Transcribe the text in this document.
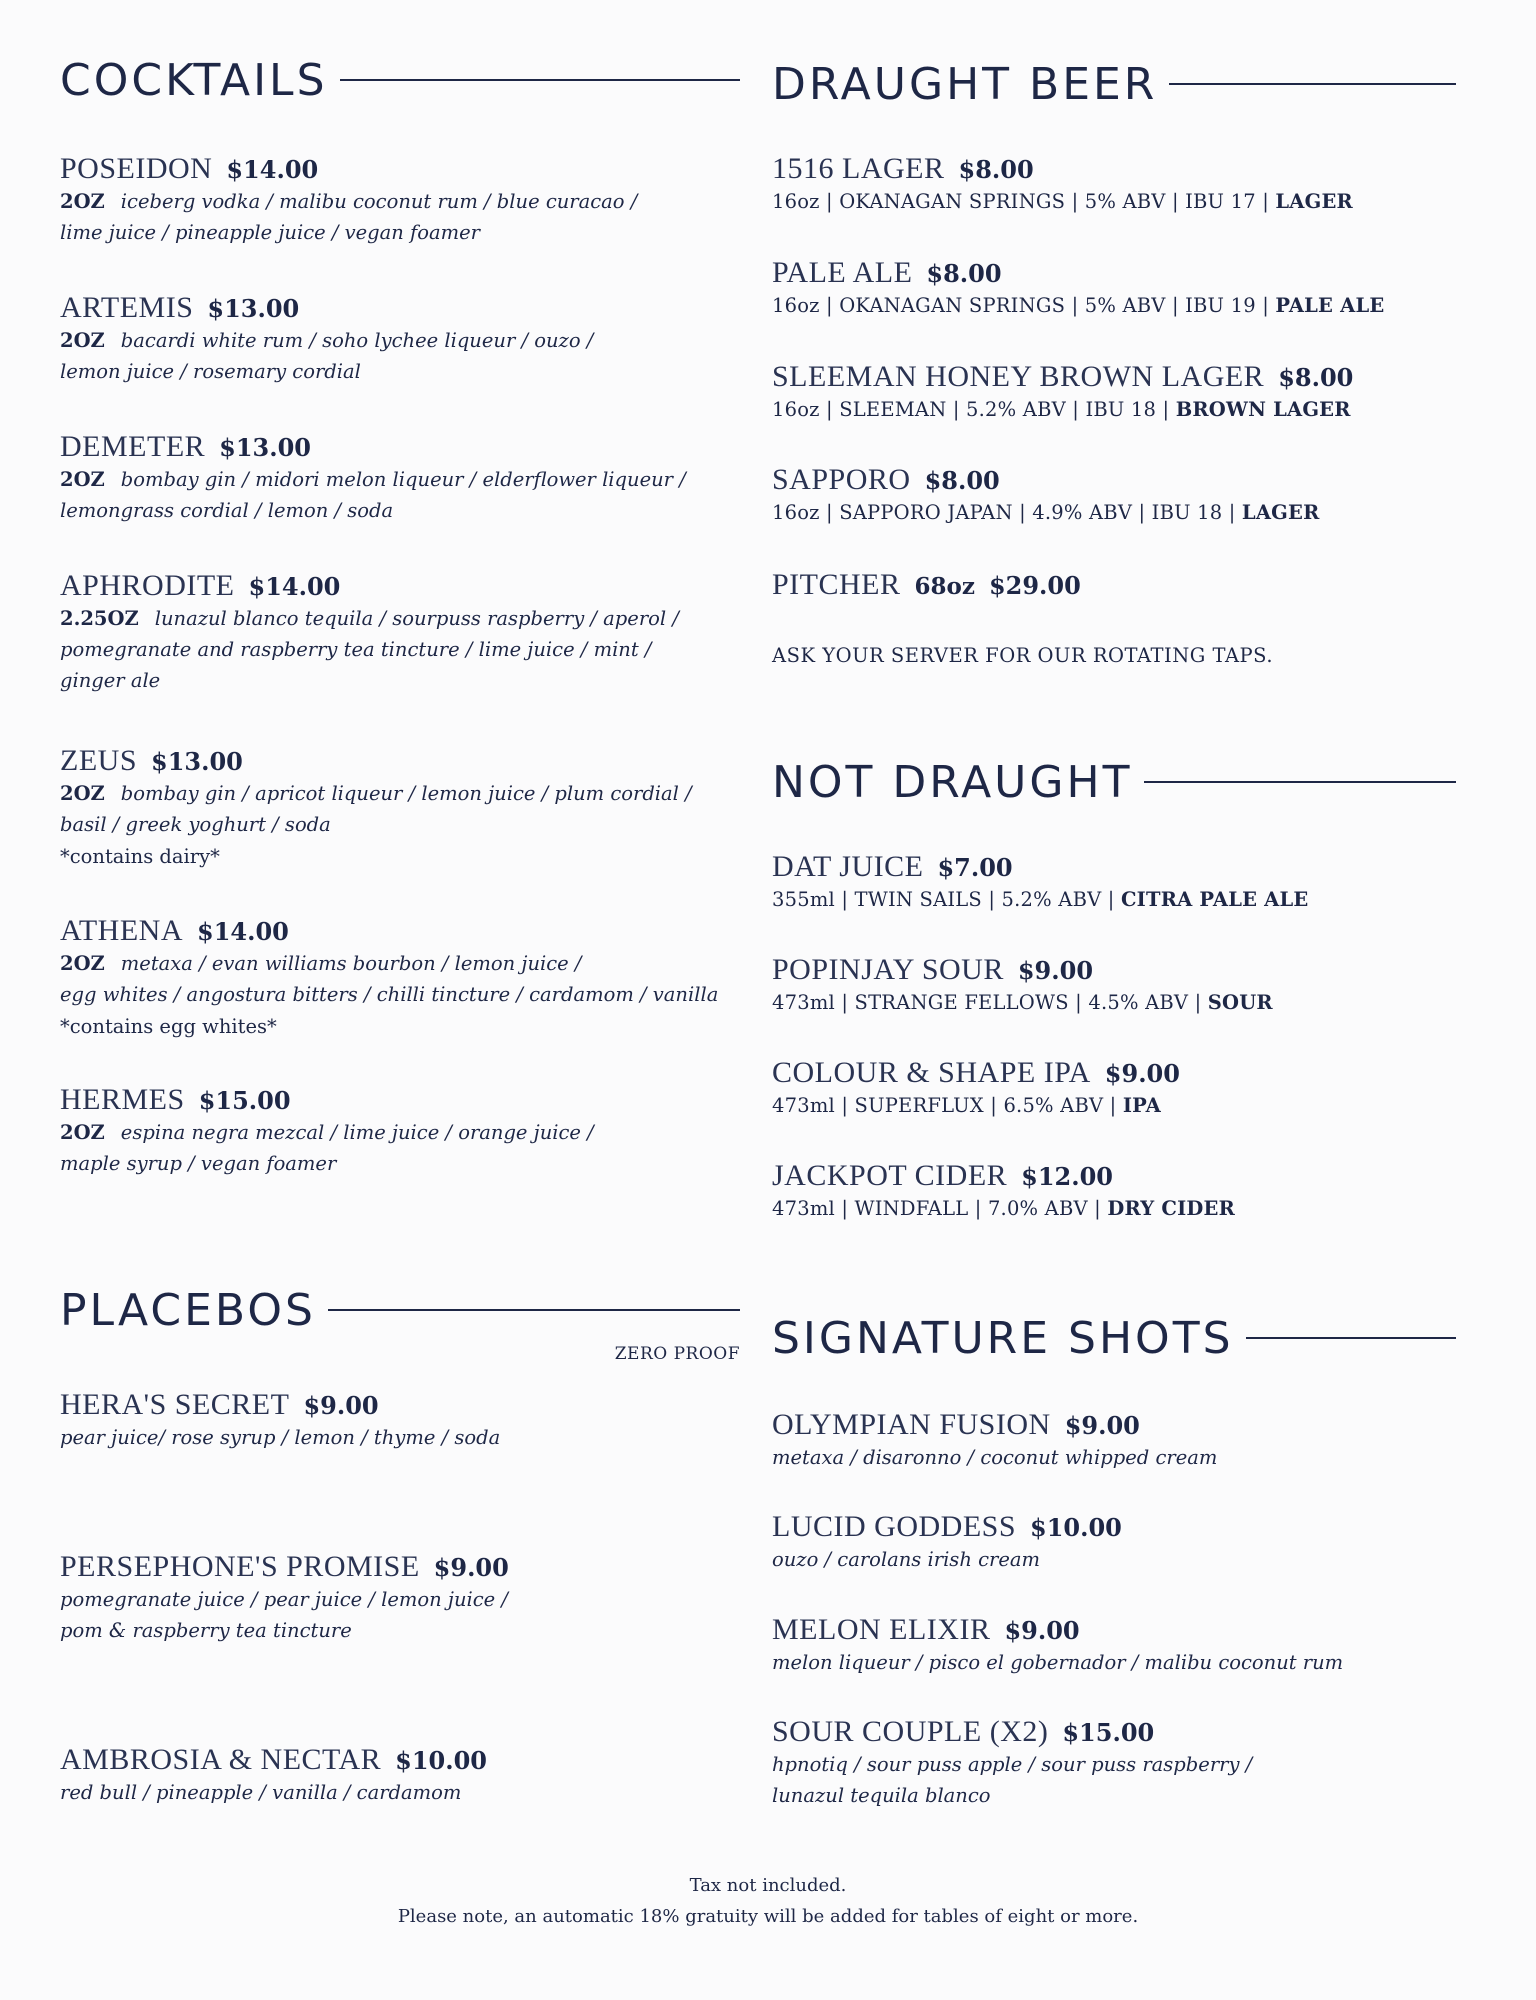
COCKTAILS
POSEIDON $14.00
2OZ iceberg vodka / malibu coconut rum / blue curacao /
lime juice / pineapple juice / vegan foamer
ARTEMIS $13.00
2OZ bacardi white rum / soho lychee liqueur / ouzo /
lemon juice / rosemary cordial
DEMETER $13.00
2OZ bombay gin / midori melon liqueur / elderflower liqueur /
lemongrass cordial / lemon / soda
APHRODITE $14.00
2.25OZ lunazul blanco tequila / sourpuss raspberry / aperol /
pomegranate and raspberry tea tincture / lime juice / mint /
ginger ale
ZEUS $13.00
2OZ bombay gin / apricot liqueur / lemon juice / plum cordial /
basil / greek yoghurt / soda
*contains dairy*
ATHENA $14.00
2OZ metaxa / evan williams bourbon / lemon juice /
egg whites / angostura bitters / chilli tincture / cardamom / vanilla
*contains egg whites*
HERMES $15.00
2OZ espina negra mezcal / lime juice / orange juice /
maple syrup / vegan foamer
PLACEBOS
ZERO PROOF
HERA'S SECRET $9.00
pear juice/ rose syrup / lemon / thyme / soda
PERSEPHONE'S PROMISE $9.00
pomegranate juice / pear juice / lemon juice /
pom & raspberry tea tincture
AMBROSIA & NECTAR $10.00
red bull / pineapple / vanilla / cardamom
DRAUGHT BEER
1516 LAGER $8.00
16oz | OKANAGAN SPRINGS | 5% ABV | IBU 17 | LAGER
PALE ALE $8.00
16oz | OKANAGAN SPRINGS | 5% ABV | IBU 19 | PALE ALE
SLEEMAN HONEY BROWN LAGER $8.00
16oz | SLEEMAN | 5.2% ABV | IBU 18 | BROWN LAGER
SAPPORO $8.00
16oz | SAPPORO JAPAN | 4.9% ABV | IBU 18 | LAGER
PITCHER 68oz $29.00
ASK YOUR SERVER FOR OUR ROTATING TAPS.
NOT DRAUGHT
DAT JUICE $7.00
355ml | TWIN SAILS | 5.2% ABV | CITRA PALE ALE
POPINJAY SOUR $9.00
473ml | STRANGE FELLOWS | 4.5% ABV | SOUR
COLOUR & SHAPE IPA $9.00
473ml | SUPERFLUX | 6.5% ABV | IPA
JACKPOT CIDER $12.00
473ml | WINDFALL | 7.0% ABV | DRY CIDER
SIGNATURE SHOTS
OLYMPIAN FUSION $9.00
metaxa / disaronno / coconut whipped cream
LUCID GODDESS $10.00
ouzo / carolans irish cream
MELON ELIXIR $9.00
melon liqueur / pisco el gobernador / malibu coconut rum
SOUR COUPLE (X2) $15.00
hpnotiq / sour puss apple / sour puss raspberry /
lunazul tequila blanco
Tax not included.
Please note, an automatic 18% gratuity will be added for tables of eight or more.
